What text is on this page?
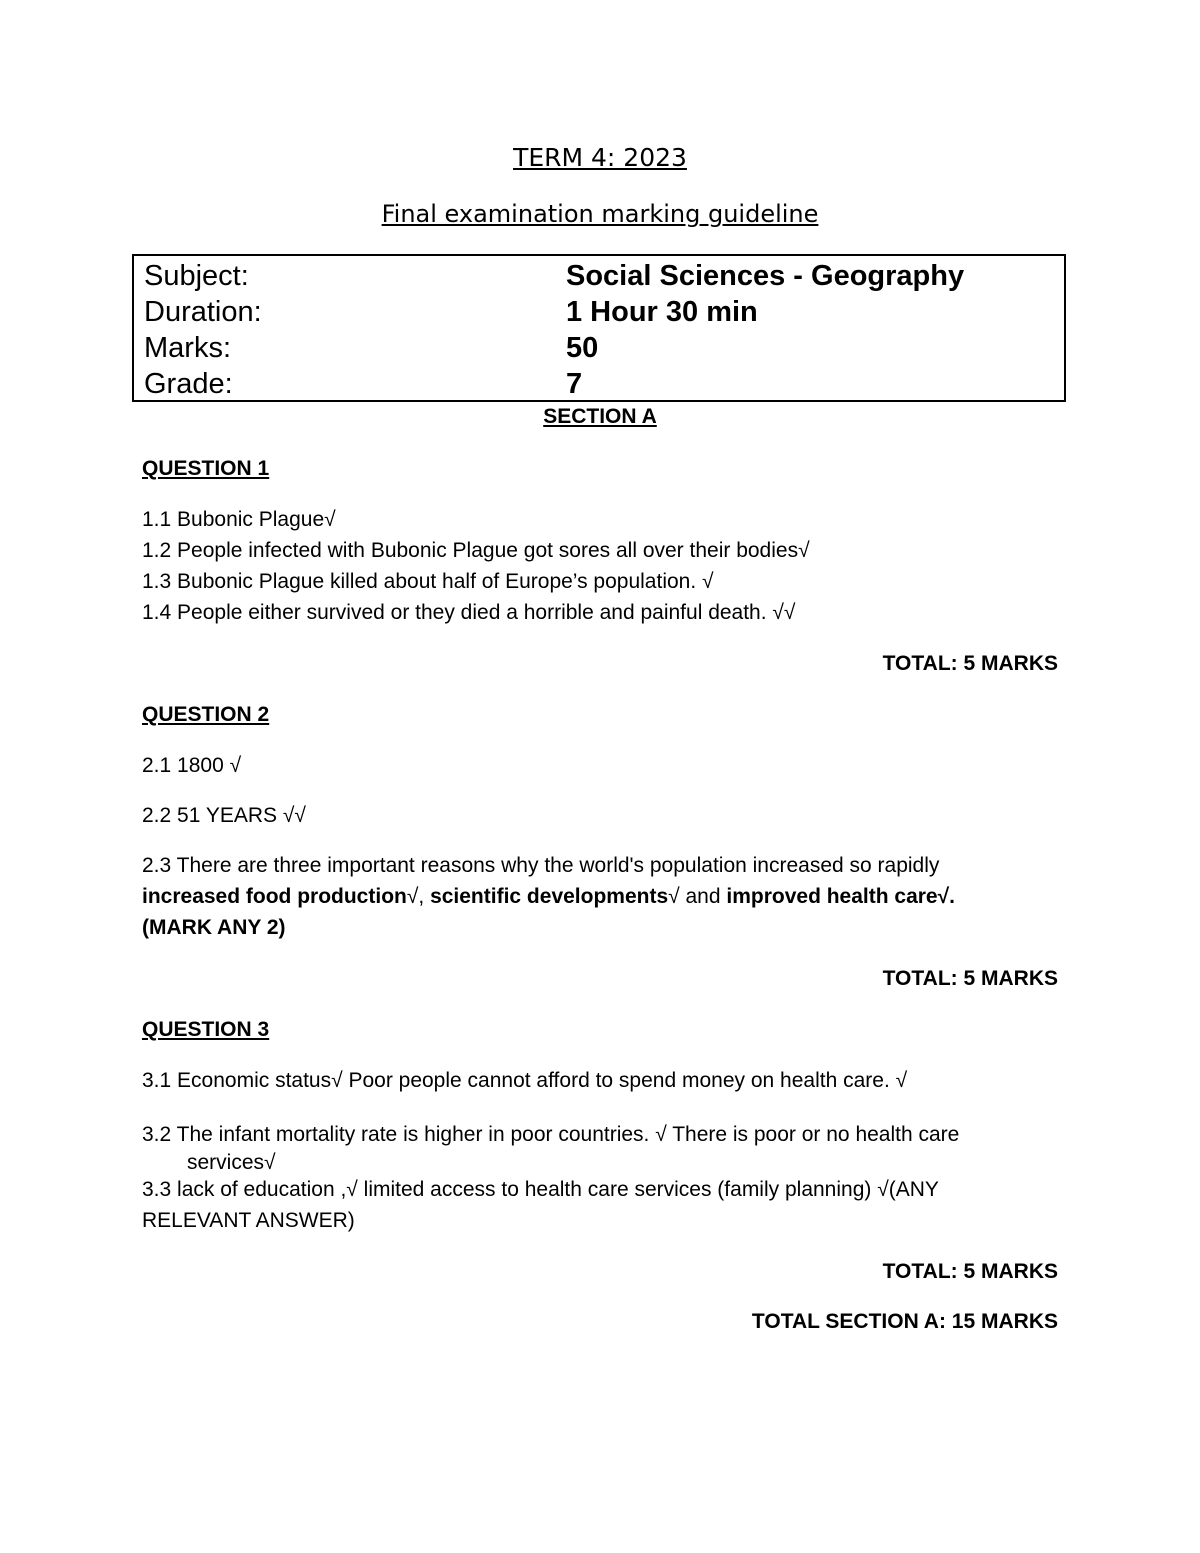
TERM 4: 2023
Final examination marking guideline
Subject:	Social Sciences - Geography
Duration:	1 Hour 30 min
Marks:	50
Grade:	7
SECTION A
QUESTION 1
1.1 Bubonic Plague√
1.2 People infected with Bubonic Plague got sores all over their bodies√
1.3 Bubonic Plague killed about half of Europe’s population. √
1.4 People either survived or they died a horrible and painful death. √√
TOTAL: 5 MARKS
QUESTION 2
2.1 1800 √
2.2 51 YEARS √√
2.3 There are three important reasons why the world's population increased so rapidly
increased food production√, scientific developments√ and improved health care√.
(MARK ANY 2)
TOTAL: 5 MARKS
QUESTION 3
3.1 Economic status√ Poor people cannot afford to spend money on health care. √
3.2 The infant mortality rate is higher in poor countries. √ There is poor or no health care
services√
3.3 lack of education ,√ limited access to health care services (family planning) √(ANY
RELEVANT ANSWER)
TOTAL: 5 MARKS
TOTAL SECTION A: 15 MARKS
